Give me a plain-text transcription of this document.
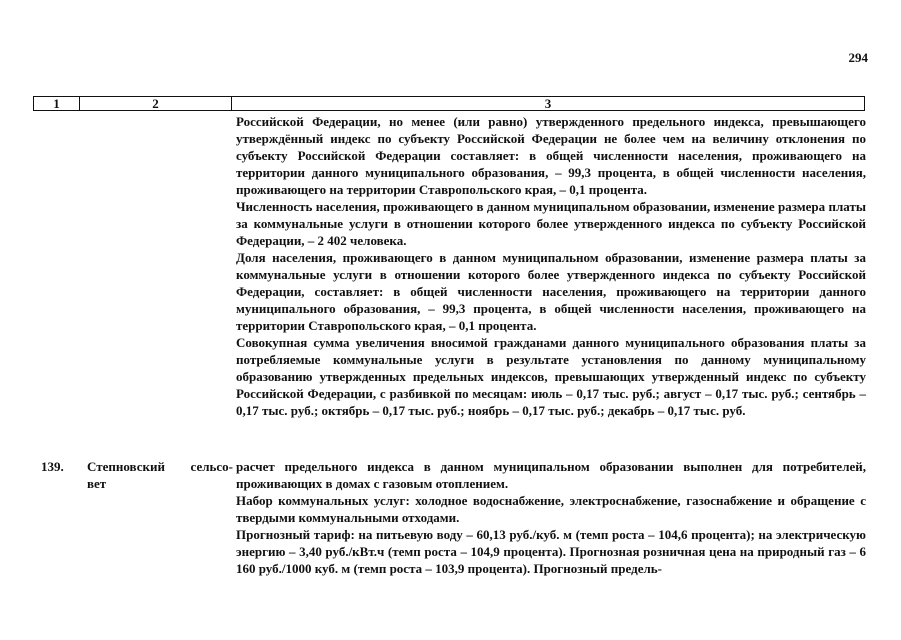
294
1	2	3

Российской Федерации, но менее (или равно) утвержденного предельного индекса, превышающего утверждённый индекс по субъекту Российской Федерации не более чем на величину отклонения по субъекту Российской Федерации составляет: в общей численности населения, проживающего на территории данного муниципального образования, – 99,3 процента, в общей численности населения, проживающего на территории Ставропольского края, – 0,1 процента.

Численность населения, проживающего в данном муниципальном образовании, изменение размера платы за коммунальные услуги в отношении которого более утвержденного индекса по субъекту Российской Федерации, – 2 402 человека.

Доля населения, проживающего в данном муниципальном образовании, изменение размера платы за коммунальные услуги в отношении которого более утвержденного индекса по субъекту Российской Федерации, составляет: в общей численности населения, проживающего на территории данного муниципального образования, – 99,3 процента, в общей численности населения, проживающего на территории Ставропольского края, – 0,1 процента.

Совокупная сумма увеличения вносимой гражданами данного муниципального образования платы за потребляемые коммунальные услуги в результате установления по данному муниципальному образованию утвержденных предельных индексов, превышающих утвержденный индекс по субъекту Российской Федерации, с разбивкой по месяцам: июль – 0,17 тыс. руб.; август – 0,17 тыс. руб.; сентябрь – 0,17 тыс. руб.; октябрь – 0,17 тыс. руб.; ноябрь – 0,17 тыс. руб.; декабрь – 0,17 тыс. руб.

139. Степновский сельсо-
вет

расчет предельного индекса в данном муниципальном образовании выполнен для потребителей, проживающих в домах с газовым отоплением.

Набор коммунальных услуг: холодное водоснабжение, электроснабжение, газоснабжение и обращение с твердыми коммунальными отходами.

Прогнозный тариф: на питьевую воду – 60,13 руб./куб. м (темп роста – 104,6 процента); на электрическую энергию – 3,40 руб./кВт.ч (темп роста – 104,9 процента). Прогнозная розничная цена на природный газ – 6 160 руб./1000 куб. м (темп роста – 103,9 процента). Прогнозный предель-
